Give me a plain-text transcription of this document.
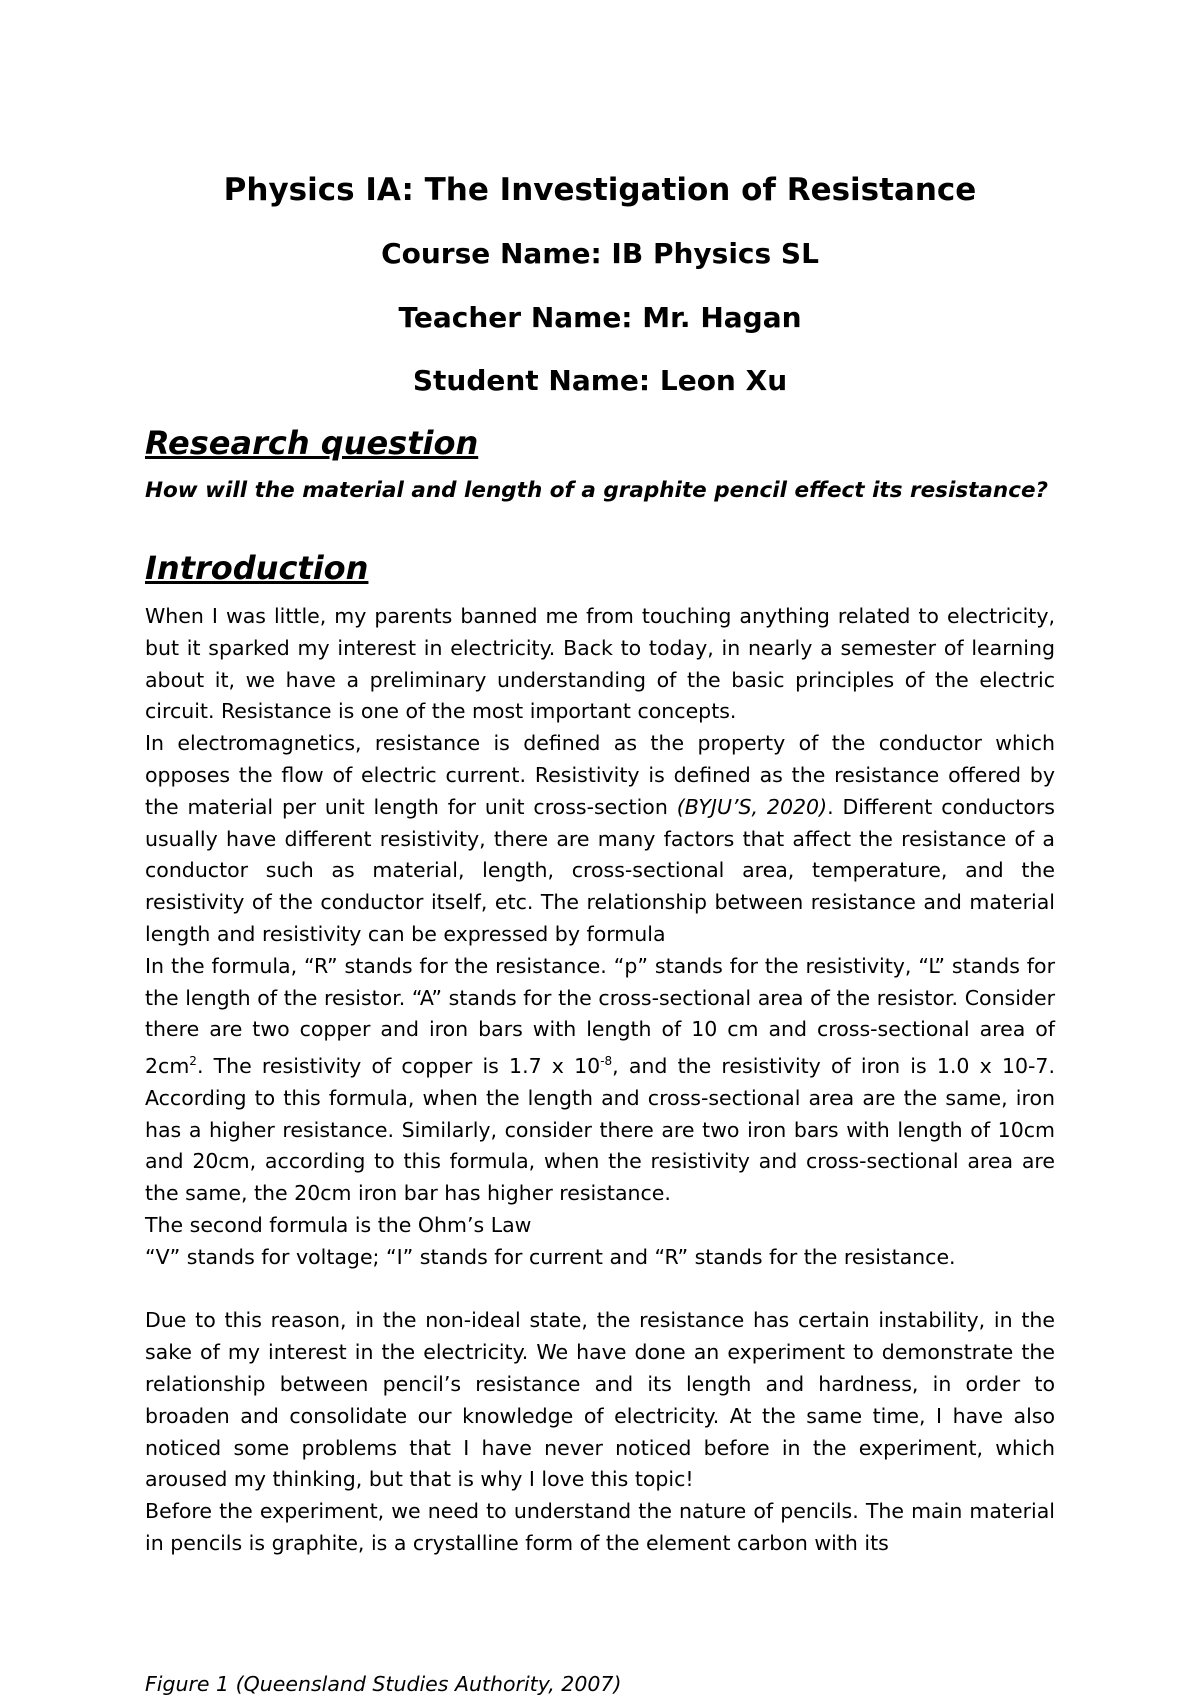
Physics IA: The Investigation of Resistance
Course Name: IB Physics SL
Teacher Name: Mr. Hagan
Student Name: Leon Xu
Research question
How will the material and length of a graphite pencil effect its resistance?
Introduction

When I was little, my parents banned me from touching anything related to electricity, but it sparked my interest in electricity. Back to today, in nearly a semester of learning about it, we have a preliminary understanding of the basic principles of the electric circuit. Resistance is one of the most important concepts.

In electromagnetics, resistance is defined as the property of the conductor which opposes the flow of electric current. Resistivity is defined as the resistance offered by the material per unit length for unit cross-section (BYJU’S, 2020). Different conductors usually have different resistivity, there are many factors that affect the resistance of a conductor such as material, length, cross-sectional area, temperature, and the resistivity of the conductor itself, etc. The relationship between resistance and material length and resistivity can be expressed by formula

In the formula, “R” stands for the resistance. “p” stands for the resistivity, “L” stands for the length of the resistor. “A” stands for the cross-sectional area of the resistor. Consider there are two copper and iron bars with length of 10 cm and cross-sectional area of $2cm^2$. The resistivity of copper is 1.7 x $10^{-8}$, and the resistivity of iron is 1.0 x 10-7. According to this formula, when the length and cross-sectional area are the same, iron has a higher resistance. Similarly, consider there are two iron bars with length of 10cm and 20cm, according to this formula, when the resistivity and cross-sectional area are the same, the 20cm iron bar has higher resistance.

The second formula is the Ohm’s Law

“V” stands for voltage; “I” stands for current and “R” stands for the resistance.

Due to this reason, in the non-ideal state, the resistance has certain instability, in the sake of my interest in the electricity. We have done an experiment to demonstrate the relationship between pencil’s resistance and its length and hardness, in order to broaden and consolidate our knowledge of electricity. At the same time, I have also noticed some problems that I have never noticed before in the experiment, which aroused my thinking, but that is why I love this topic!

Before the experiment, we need to understand the nature of pencils. The main material in pencils is graphite, is a crystalline form of the element carbon with its

Figure 1 (Queensland Studies Authority, 2007)
